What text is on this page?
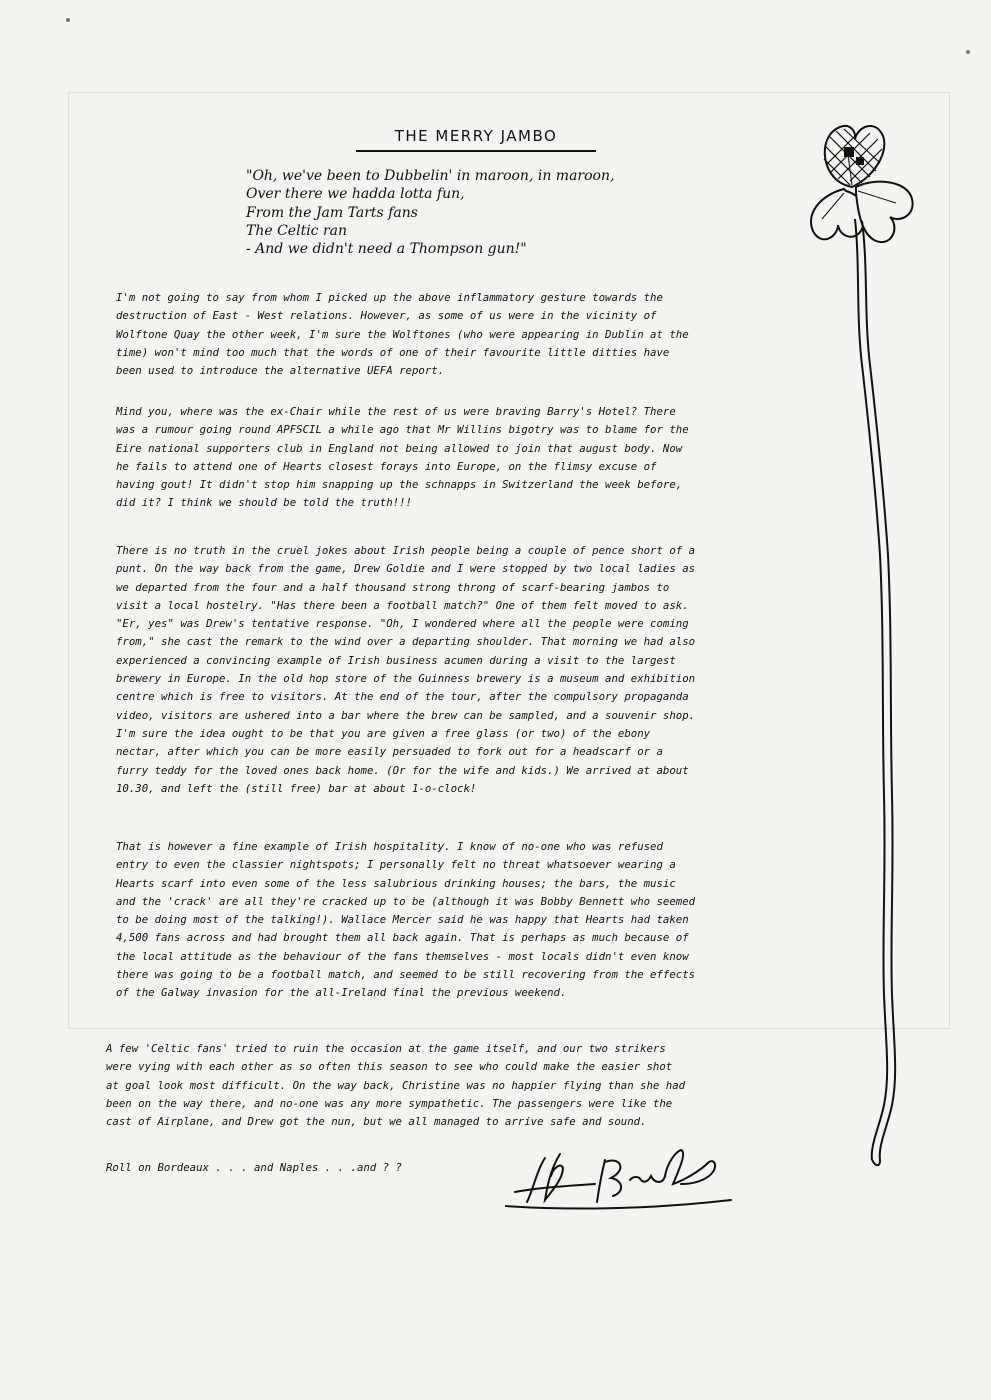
THE MERRY JAMBO
"Oh, we've been to Dubbelin' in maroon, in maroon,
Over there we hadda lotta fun,
From the Jam Tarts fans
The Celtic ran
- And we didn't need a Thompson gun!"

I'm not going to say from whom I picked up the above inflammatory gesture towards the
destruction of East - West relations. However, as some of us were in the vicinity of
Wolftone Quay the other week, I'm sure the Wolftones (who were appearing in Dublin at the
time) won't mind too much that the words of one of their favourite little ditties have
been used to introduce the alternative UEFA report.

Mind you, where was the ex-Chair while the rest of us were braving Barry's Hotel? There
was a rumour going round APFSCIL a while ago that Mr Willins bigotry was to blame for the
Eire national supporters club in England not being allowed to join that august body. Now
he fails to attend one of Hearts closest forays into Europe, on the flimsy excuse of
having gout! It didn't stop him snapping up the schnapps in Switzerland the week before,
did it? I think we should be told the truth!!!

There is no truth in the cruel jokes about Irish people being a couple of pence short of a
punt. On the way back from the game, Drew Goldie and I were stopped by two local ladies as
we departed from the four and a half thousand strong throng of scarf-bearing jambos to
visit a local hostelry. "Has there been a football match?" One of them felt moved to ask.
"Er, yes" was Drew's tentative response. "Oh, I wondered where all the people were coming
from," she cast the remark to the wind over a departing shoulder. That morning we had also
experienced a convincing example of Irish business acumen during a visit to the largest
brewery in Europe. In the old hop store of the Guinness brewery is a museum and exhibition
centre which is free to visitors. At the end of the tour, after the compulsory propaganda
video, visitors are ushered into a bar where the brew can be sampled, and a souvenir shop.
I'm sure the idea ought to be that you are given a free glass (or two) of the ebony
nectar, after which you can be more easily persuaded to fork out for a headscarf or a
furry teddy for the loved ones back home. (Or for the wife and kids.) We arrived at about
10.30, and left the (still free) bar at about 1-o-clock!

That is however a fine example of Irish hospitality. I know of no-one who was refused
entry to even the classier nightspots; I personally felt no threat whatsoever wearing a
Hearts scarf into even some of the less salubrious drinking houses; the bars, the music
and the 'crack' are all they're cracked up to be (although it was Bobby Bennett who seemed
to be doing most of the talking!). Wallace Mercer said he was happy that Hearts had taken
4,500 fans across and had brought them all back again. That is perhaps as much because of
the local attitude as the behaviour of the fans themselves - most locals didn't even know
there was going to be a football match, and seemed to be still recovering from the effects
of the Galway invasion for the all-Ireland final the previous weekend.

A few 'Celtic fans' tried to ruin the occasion at the game itself, and our two strikers
were vying with each other as so often this season to see who could make the easier shot
at goal look most difficult. On the way back, Christine was no happier flying than she had
been on the way there, and no-one was any more sympathetic. The passengers were like the
cast of Airplane, and Drew got the nun, but we all managed to arrive safe and sound.

Roll on Bordeaux . . . and Naples . . .and ? ?
